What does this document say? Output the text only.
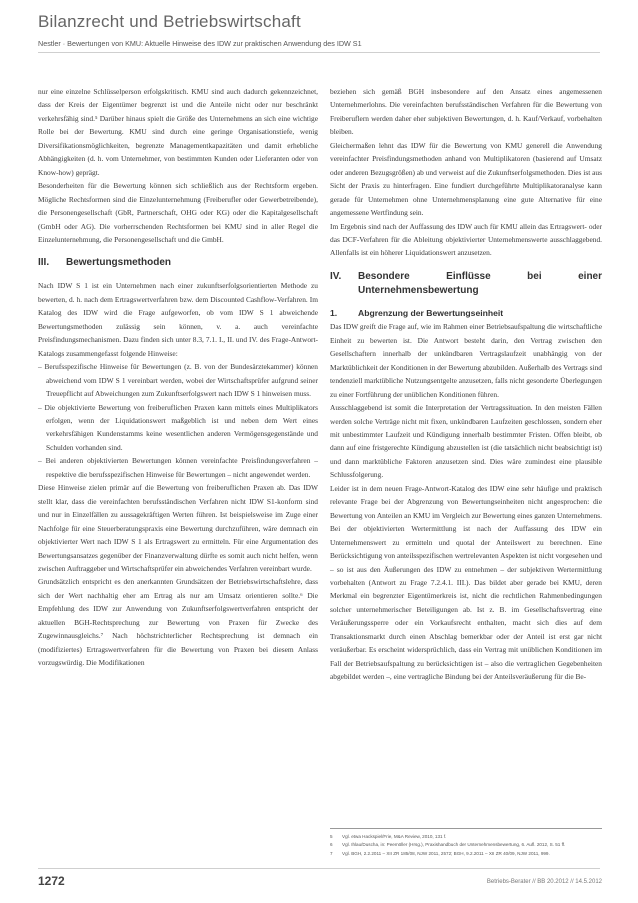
Bilanzrecht und Betriebswirtschaft
Nestler · Bewertungen von KMU: Aktuelle Hinweise des IDW zur praktischen Anwendung des IDW S1
nur eine einzelne Schlüsselperson erfolgskritisch. KMU sind auch dadurch gekennzeichnet, dass der Kreis der Eigentümer begrenzt ist und die Anteile nicht oder nur beschränkt verkehrsfähig sind.⁵ Darüber hinaus spielt die Größe des Unternehmens an sich eine wichtige Rolle bei der Bewertung. KMU sind durch eine geringe Organisationstiefe, wenig Diversifikationsmöglichkeiten, begrenzte Managementkapazitäten und damit erhebliche Abhängigkeiten (d. h. vom Unternehmer, von bestimmten Kunden oder Lieferanten oder von Know-how) geprägt.
Besonderheiten für die Bewertung können sich schließlich aus der Rechtsform ergeben. Mögliche Rechtsformen sind die Einzelunternehmung (Freiberufler oder Gewerbetreibende), die Personengesellschaft (GbR, Partnerschaft, OHG oder KG) oder die Kapitalgesellschaft (GmbH oder AG). Die vorherrschenden Rechtsformen bei KMU sind in aller Regel die Einzelunternehmung, die Personengesellschaft und die GmbH.
III.	Bewertungsmethoden
Nach IDW S 1 ist ein Unternehmen nach einer zukunftserfolgsorientierten Methode zu bewerten, d. h. nach dem Ertragswertverfahren bzw. dem Discounted Cashflow-Verfahren. Im Katalog des IDW wird die Frage aufgeworfen, ob vom IDW S 1 abweichende Bewertungsmethoden zulässig sein können, v. a. auch vereinfachte Preisfindungsmechanismen. Dazu finden sich unter 8.3, 7.1. I., II. und IV. des Frage-Antwort-Katalogs zusammengefasst folgende Hinweise:
– Berufsspezifische Hinweise für Bewertungen (z. B. von der Bundesärztekammer) können abweichend vom IDW S 1 vereinbart werden, wobei der Wirtschaftsprüfer aufgrund seiner Treuepflicht auf Abweichungen zum Zukunftserfolgswert nach IDW S 1 hinweisen muss.
– Die objektivierte Bewertung von freiberuflichen Praxen kann mittels eines Multiplikators erfolgen, wenn der Liquidationswert maßgeblich ist und neben dem Wert eines verkehrsfähigen Kundenstamms keine wesentlichen anderen Vermögensgegenstände und Schulden vorhanden sind.
– Bei anderen objektivierten Bewertungen können vereinfachte Preisfindungsverfahren – respektive die berufsspezifischen Hinweise für Bewertungen – nicht angewendet werden.
Diese Hinweise zielen primär auf die Bewertung von freiberuflichen Praxen ab. Das IDW stellt klar, dass die vereinfachten berufsständischen Verfahren nicht IDW S1-konform sind und nur in Einzelfällen zu aussagekräftigen Werten führen. Ist beispielsweise im Zuge einer Nachfolge für eine Steuerberatungspraxis eine Bewertung durchzuführen, wäre demnach ein objektivierter Wert nach IDW S 1 als Ertragswert zu ermitteln. Für eine Argumentation des Bewertungsansatzes gegenüber der Finanzverwaltung dürfte es somit auch nicht helfen, wenn zwischen Auftraggeber und Wirtschaftsprüfer ein abweichendes Verfahren vereinbart wurde.
Grundsätzlich entspricht es den anerkannten Grundsätzen der Betriebswirtschaftslehre, dass sich der Wert nachhaltig eher am Ertrag als nur am Umsatz orientieren sollte.⁶ Die Empfehlung des IDW zur Anwendung von Zukunftserfolgswertverfahren entspricht der aktuellen BGH-Rechtsprechung zur Bewertung von Praxen für Zwecke des Zugewinnausgleichs.⁷ Nach höchstrichterlicher Rechtsprechung ist demnach ein (modifiziertes) Ertragswertverfahren für die Bewertung von Praxen bei diesem Anlass vorzugswürdig. Die Modifikationen
beziehen sich gemäß BGH insbesondere auf den Ansatz eines angemessenen Unternehmerlohns. Die vereinfachten berufsständischen Verfahren für die Bewertung von Freiberuflern werden daher eher subjektiven Bewertungen, d. h. Kauf/Verkauf, vorbehalten bleiben.
Gleichermaßen lehnt das IDW für die Bewertung von KMU generell die Anwendung vereinfachter Preisfindungsmethoden anhand von Multiplikatoren (basierend auf Umsatz oder anderen Bezugsgrößen) ab und verweist auf die Zukunftserfolgsmethoden. Dies ist aus Sicht der Praxis zu hinterfragen. Eine fundiert durchgeführte Multiplikatoranalyse kann gerade für Unternehmen ohne Unternehmensplanung eine gute Alternative für eine angemessene Wertfindung sein.
Im Ergebnis sind nach der Auffassung des IDW auch für KMU allein das Ertragswert- oder das DCF-Verfahren für die Ableitung objektivierter Unternehmenswerte ausschlaggebend. Allenfalls ist ein höherer Liquidationswert anzusetzen.
IV.	Besondere Einflüsse bei einer Unternehmensbewertung
1.	Abgrenzung der Bewertungseinheit
Das IDW greift die Frage auf, wie im Rahmen einer Betriebsaufspaltung die wirtschaftliche Einheit zu bewerten ist. Die Antwort besteht darin, den Vertrag zwischen den Gesellschaftern innerhalb der unkündbaren Vertragslaufzeit unabhängig von der Marktüblichkeit der Konditionen in der Bewertung abzubilden. Außerhalb des Vertrags sind tendenziell marktübliche Nutzungsentgelte anzusetzen, falls nicht gesonderte Überlegungen zu einer Fortführung der unüblichen Konditionen führen.
Ausschlaggebend ist somit die Interpretation der Vertragssituation. In den meisten Fällen werden solche Verträge nicht mit fixen, unkündbaren Laufzeiten geschlossen, sondern eher mit unbestimmter Laufzeit und Kündigung innerhalb bestimmter Fristen. Offen bleibt, ob dann auf eine fristgerechte Kündigung abzustellen ist (die tatsächlich nicht beabsichtigt ist) und dann marktübliche Faktoren anzusetzen sind. Dies wäre zumindest eine plausible Schlussfolgerung.
Leider ist in dem neuen Frage-Antwort-Katalog des IDW eine sehr häufige und praktisch relevante Frage bei der Abgrenzung von Bewertungseinheiten nicht angesprochen: die Bewertung von Anteilen an KMU im Vergleich zur Bewertung eines ganzen Unternehmens. Bei der objektivierten Wertermittlung ist nach der Auffassung des IDW ein Unternehmenswert zu ermitteln und quotal der Anteilswert zu berechnen. Eine Berücksichtigung von anteilsspezifischen wertrelevanten Aspekten ist nicht vorgesehen und – so ist aus den Äußerungen des IDW zu entnehmen – der subjektiven Wertermittlung vorbehalten (Antwort zu Frage 7.2.4.1. III.). Das bildet aber gerade bei KMU, deren Merkmal ein begrenzter Eigentümerkreis ist, nicht die rechtlichen Rahmenbedingungen solcher unternehmerischer Beteiligungen ab. Ist z. B. im Gesellschaftsvertrag eine Veräußerungssperre oder ein Vorkaufsrecht enthalten, macht sich dies auf dem Transaktionsmarkt durch einen Abschlag bemerkbar oder der Anteil ist erst gar nicht veräußerbar. Es erscheint widersprüchlich, dass ein Vertrag mit unüblichen Konditionen im Fall der Betriebsaufspaltung zu berücksichtigen ist – also die vertraglichen Gegebenheiten abgebildet werden –, eine vertragliche Bindung bei der Anteilsveräußerung für die Be-
5	Vgl. etwa Hackspiel/Frie, M&A Review, 2010, 131 f.
6	Vgl. Ihlau/Duscha, in: Peemöller (Hrsg.), Praxishandbuch der Unternehmensbewertung, 6. Aufl. 2012, S. 51 ff.
7	Vgl. BGH, 2.2.2011 – XII ZR 185/08, NJW 2011, 2572; BGH, 9.2.2011 – XII ZR 40/09, NJW 2011, 999.
1272	Betriebs-Berater // BB 20.2012 // 14.5.2012
